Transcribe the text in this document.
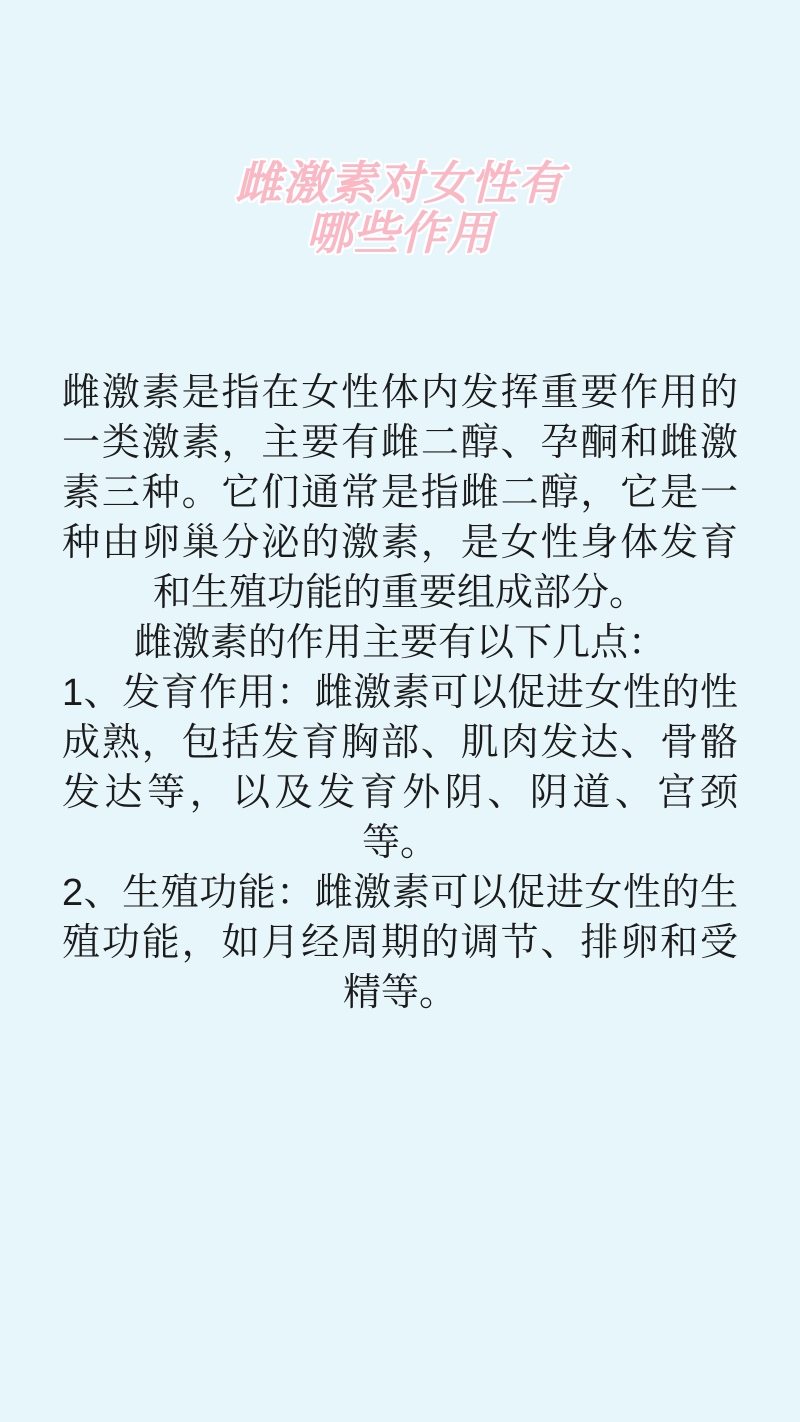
雌激素对女性有
哪些作用

雌激素是指在女性体内发挥重要作用的一类激素，主要有雌二醇、孕酮和雌激素三种。它们通常是指雌二醇，它是一种由卵巢分泌的激素，是女性身体发育和生殖功能的重要组成部分。

雌激素的作用主要有以下几点：

1、发育作用：雌激素可以促进女性的性成熟，包括发育胸部、肌肉发达、骨骼发达等，以及发育外阴、阴道、宫颈等。

2、生殖功能：雌激素可以促进女性的生殖功能，如月经周期的调节、排卵和受精等。
